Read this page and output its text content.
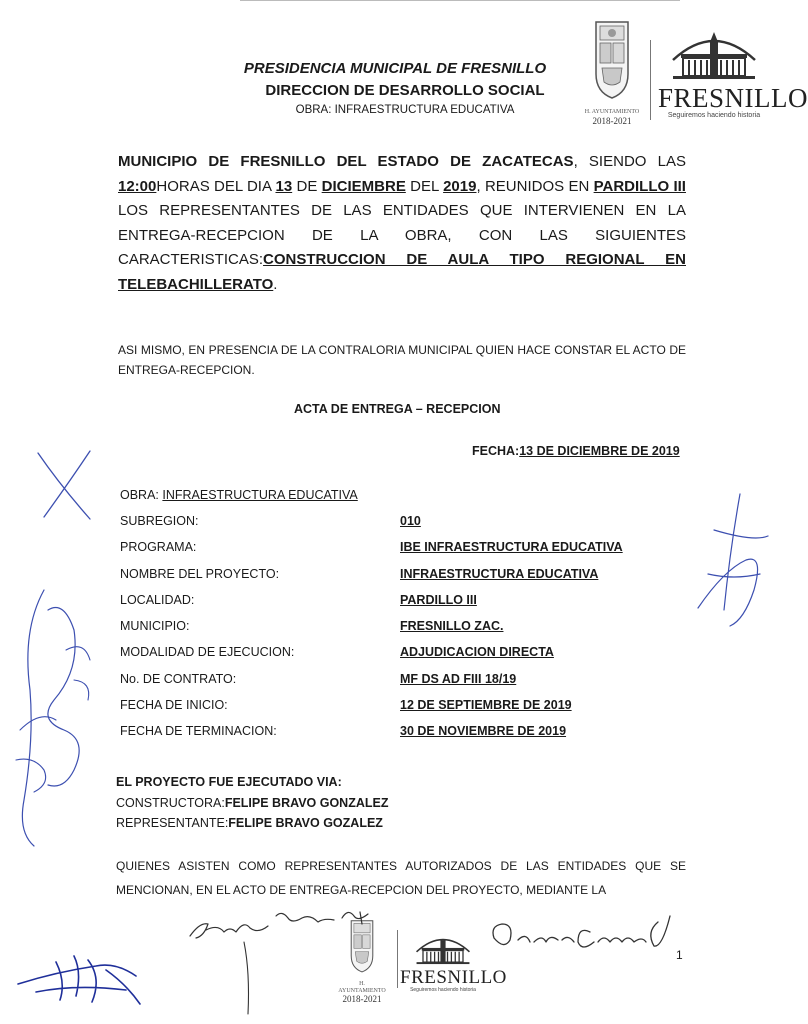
PRESIDENCIA MUNICIPAL DE FRESNILLO
DIRECCION DE DESARROLLO SOCIAL
OBRA: INFRAESTRUCTURA EDUCATIVA	H. AYUNTAMIENTO
2018-2021
FRESNILLO
Seguiremos haciendo historia
MUNICIPIO DE FRESNILLO DEL ESTADO DE ZACATECAS, SIENDO LAS 12:00HORAS DEL DIA 13 DE DICIEMBRE DEL 2019, REUNIDOS EN PARDILLO III LOS REPRESENTANTES DE LAS ENTIDADES QUE INTERVIENEN EN LA ENTREGA-RECEPCION DE LA OBRA, CON LAS SIGUIENTES CARACTERISTICAS:CONSTRUCCION DE AULA TIPO REGIONAL EN TELEBACHILLERATO.
ASI MISMO, EN PRESENCIA DE LA CONTRALORIA MUNICIPAL QUIEN HACE CONSTAR EL ACTO DE ENTREGA-RECEPCION.
ACTA DE ENTREGA – RECEPCION
FECHA:13 DE DICIEMBRE DE 2019
OBRA: INFRAESTRUCTURA EDUCATIVA
SUBREGION:	010
PROGRAMA:	IBE INFRAESTRUCTURA EDUCATIVA
NOMBRE DEL PROYECTO:	INFRAESTRUCTURA EDUCATIVA
LOCALIDAD:	PARDILLO III
MUNICIPIO:	FRESNILLO ZAC.
MODALIDAD DE EJECUCION:	ADJUDICACION DIRECTA
No. DE CONTRATO:	MF DS AD FIII 18/19
FECHA DE INICIO:	12 DE SEPTIEMBRE DE 2019
FECHA DE TERMINACION:	30 DE NOVIEMBRE DE 2019
EL PROYECTO FUE EJECUTADO VIA:
CONSTRUCTORA:FELIPE BRAVO GONZALEZ
REPRESENTANTE:FELIPE BRAVO GOZALEZ
QUIENES ASISTEN COMO REPRESENTANTES AUTORIZADOS DE LAS ENTIDADES QUE SE MENCIONAN, EN EL ACTO DE ENTREGA-RECEPCION DEL PROYECTO, MEDIANTE LA
H. AYUNTAMIENTO
2018-2021
FRESNILLO
Seguiremos haciendo historia
1
